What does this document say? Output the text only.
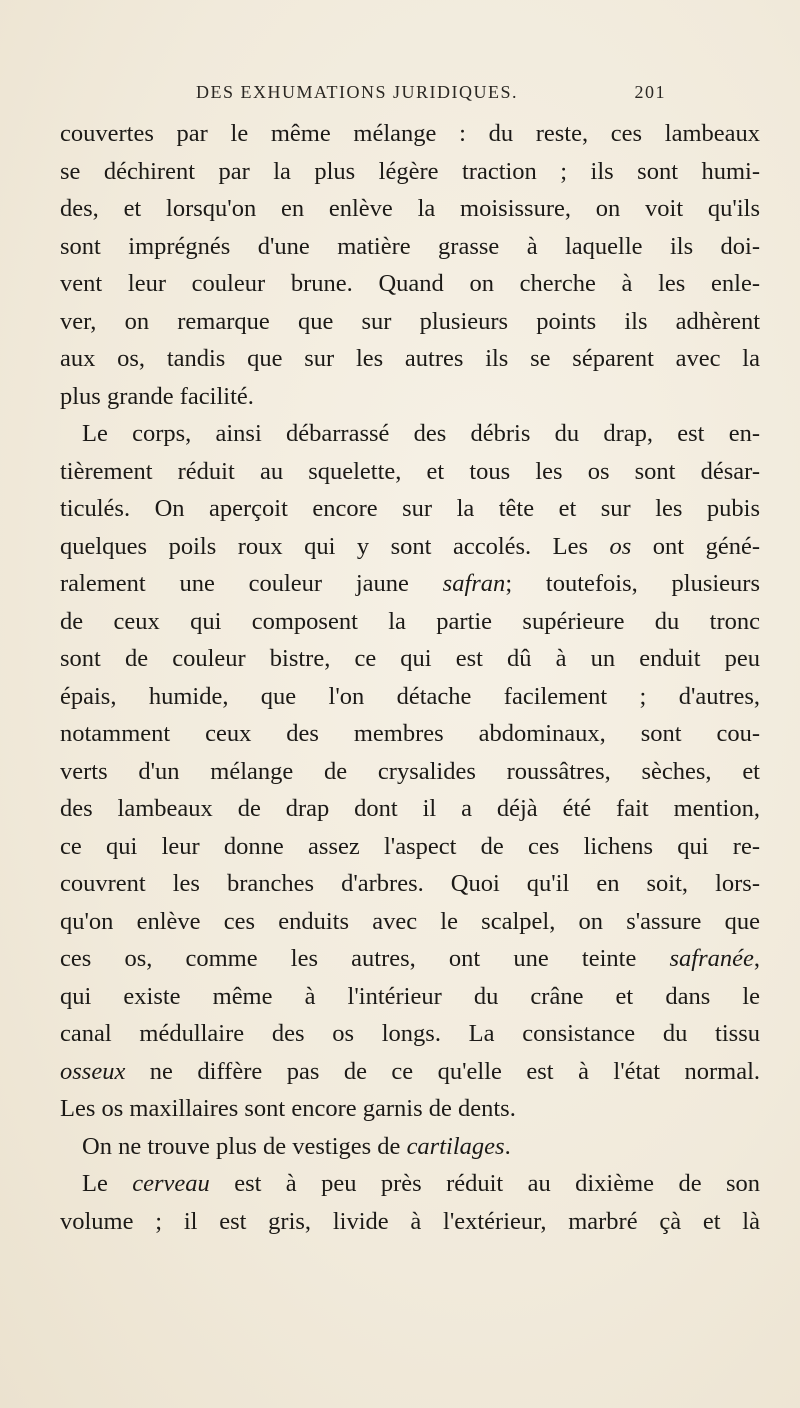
DES EXHUMATIONS JURIDIQUES.	201
couvertes par le même mélange : du reste, ces lambeaux
se déchirent par la plus légère traction ; ils sont humi-
des, et lorsqu'on en enlève la moisissure, on voit qu'ils
sont imprégnés d'une matière grasse à laquelle ils doi-
vent leur couleur brune. Quand on cherche à les enle-
ver, on remarque que sur plusieurs points ils adhèrent
aux os, tandis que sur les autres ils se séparent avec la
plus grande facilité.
Le corps, ainsi débarrassé des débris du drap, est en-
tièrement réduit au squelette, et tous les os sont désar-
ticulés. On aperçoit encore sur la tête et sur les pubis
quelques poils roux qui y sont accolés. Les os ont géné-
ralement une couleur jaune safran; toutefois, plusieurs
de ceux qui composent la partie supérieure du tronc
sont de couleur bistre, ce qui est dû à un enduit peu
épais, humide, que l'on détache facilement ; d'autres,
notamment ceux des membres abdominaux, sont cou-
verts d'un mélange de crysalides roussâtres, sèches, et
des lambeaux de drap dont il a déjà été fait mention,
ce qui leur donne assez l'aspect de ces lichens qui re-
couvrent les branches d'arbres. Quoi qu'il en soit, lors-
qu'on enlève ces enduits avec le scalpel, on s'assure que
ces os, comme les autres, ont une teinte safranée,
qui existe même à l'intérieur du crâne et dans le
canal médullaire des os longs. La consistance du tissu
osseux ne diffère pas de ce qu'elle est à l'état normal.
Les os maxillaires sont encore garnis de dents.
On ne trouve plus de vestiges de cartilages.
Le cerveau est à peu près réduit au dixième de son
volume ; il est gris, livide à l'extérieur, marbré çà et là
